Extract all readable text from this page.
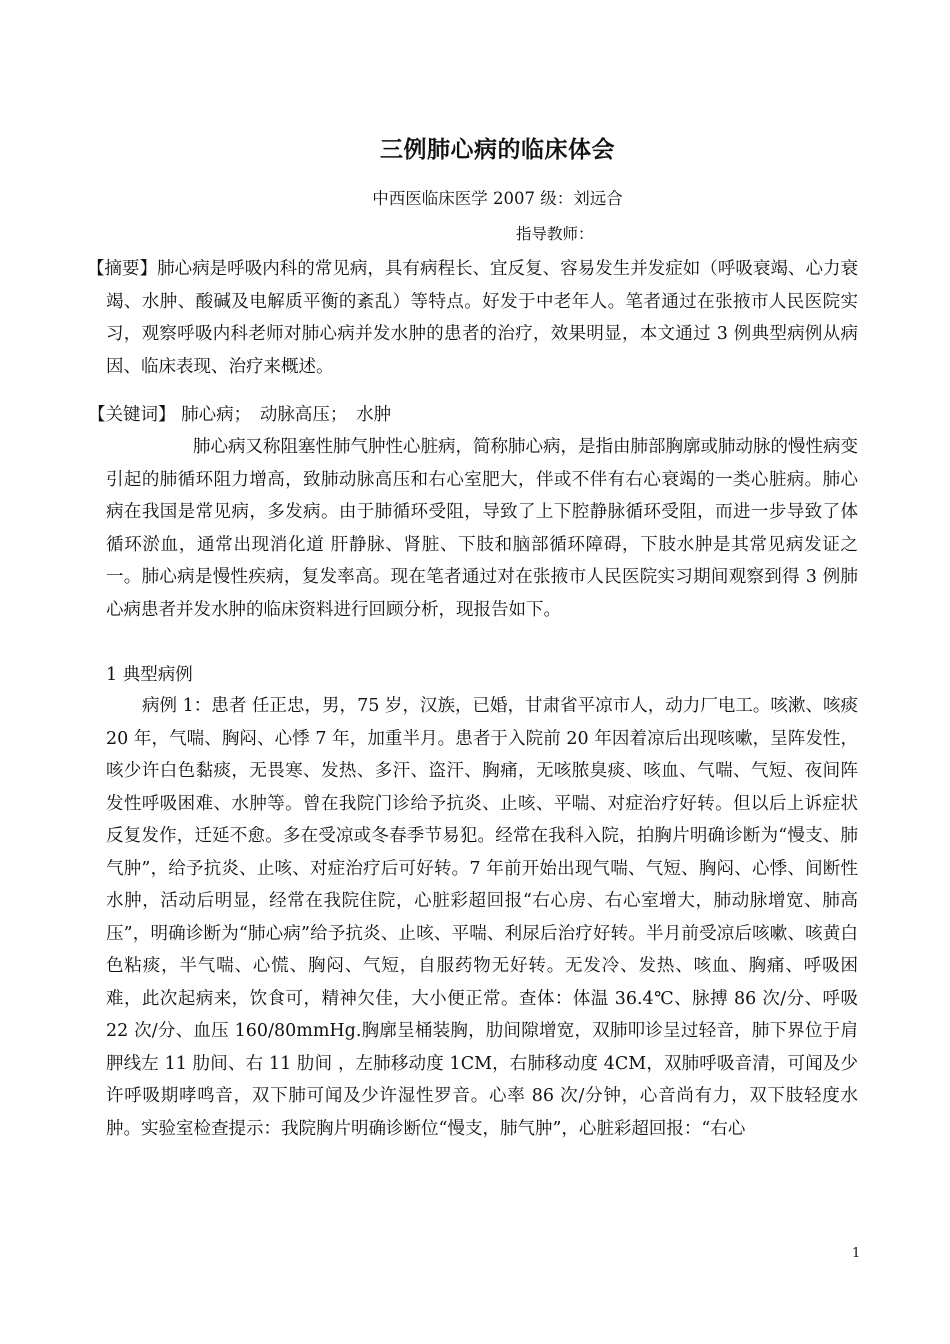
三例肺心病的临床体会
中西医临床医学 2007 级：刘远合
指导教师：
【摘要】肺心病是呼吸内科的常见病，具有病程长、宜反复、容易发生并发症如（呼吸衰竭、心力衰竭、水肿、酸碱及电解质平衡的紊乱）等特点。好发于中老年人。笔者通过在张掖市人民医院实习，观察呼吸内科老师对肺心病并发水肿的患者的治疗，效果明显，本文通过 3 例典型病例从病因、临床表现、治疗来概述。
【关键词】 肺心病；　动脉高压；　水肿
肺心病又称阻塞性肺气肿性心脏病，简称肺心病，是指由肺部胸廓或肺动脉的慢性病变引起的肺循环阻力增高，致肺动脉高压和右心室肥大，伴或不伴有右心衰竭的一类心脏病。肺心病在我国是常见病，多发病。由于肺循环受阻，导致了上下腔静脉循环受阻，而进一步导致了体循环淤血，通常出现消化道 肝静脉、肾脏、下肢和脑部循环障碍，下肢水肿是其常见病发证之一。肺心病是慢性疾病，复发率高。现在笔者通过对在张掖市人民医院实习期间观察到得 3 例肺心病患者并发水肿的临床资料进行回顾分析，现报告如下。
1 典型病例
病例 1：患者 任正忠，男，75 岁，汉族，已婚，甘肃省平凉市人，动力厂电工。咳漱、咳痰 20 年，气喘、胸闷、心悸 7 年，加重半月。患者于入院前 20 年因着凉后出现咳嗽，呈阵发性，咳少许白色黏痰，无畏寒、发热、多汗、盗汗、胸痛，无咳脓臭痰、咳血、气喘、气短、夜间阵发性呼吸困难、水肿等。曾在我院门诊给予抗炎、止咳、平喘、对症治疗好转。但以后上诉症状反复发作，迁延不愈。多在受凉或冬春季节易犯。经常在我科入院，拍胸片明确诊断为“慢支、肺气肿”，给予抗炎、止咳、对症治疗后可好转。7 年前开始出现气喘、气短、胸闷、心悸、间断性水肿，活动后明显，经常在我院住院，心脏彩超回报“右心房、右心室增大，肺动脉增宽、肺高压”，明确诊断为“肺心病”给予抗炎、止咳、平喘、利尿后治疗好转。半月前受凉后咳嗽、咳黄白色粘痰，半气喘、心慌、胸闷、气短，自服药物无好转。无发冷、发热、咳血、胸痛、呼吸困难，此次起病来，饮食可，精神欠佳，大小便正常。查体：体温 36.4℃、脉搏 86 次/分、呼吸 22 次/分、血压 160/80mmHg.胸廓呈桶装胸，肋间隙增宽，双肺叩诊呈过轻音，肺下界位于肩胛线左 11 肋间、右 11 肋间 ，左肺移动度 1CM，右肺移动度 4CM，双肺呼吸音清，可闻及少许呼吸期哮鸣音，双下肺可闻及少许湿性罗音。心率 86 次/分钟，心音尚有力，双下肢轻度水肿。实验室检查提示：我院胸片明确诊断位“慢支，肺气肿”，心脏彩超回报：“右心
1
